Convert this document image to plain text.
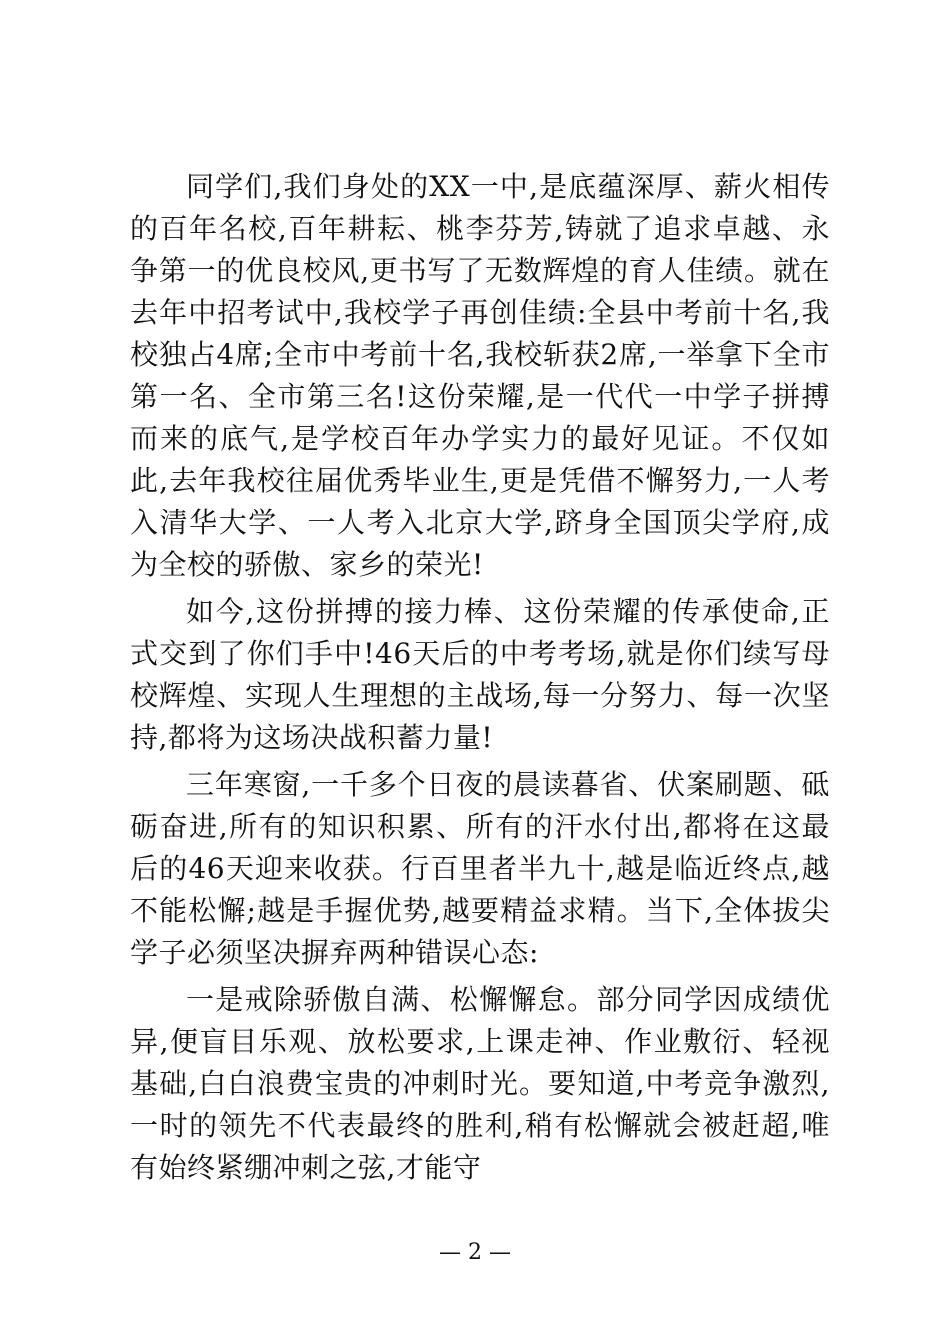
同学们,我们身处的XX一中,是底蕴深厚、薪火相传的百年名校,百年耕耘、桃李芬芳,铸就了追求卓越、永争第一的优良校风,更书写了无数辉煌的育人佳绩。就在去年中招考试中,我校学子再创佳绩:全县中考前十名,我校独占4席;全市中考前十名,我校斩获2席,一举拿下全市第一名、全市第三名!这份荣耀,是一代代一中学子拼搏而来的底气,是学校百年办学实力的最好见证。不仅如此,去年我校往届优秀毕业生,更是凭借不懈努力,一人考入清华大学、一人考入北京大学,跻身全国顶尖学府,成为全校的骄傲、家乡的荣光!

如今,这份拼搏的接力棒、这份荣耀的传承使命,正式交到了你们手中!46天后的中考考场,就是你们续写母校辉煌、实现人生理想的主战场,每一分努力、每一次坚持,都将为这场决战积蓄力量!

三年寒窗,一千多个日夜的晨读暮省、伏案刷题、砥砺奋进,所有的知识积累、所有的汗水付出,都将在这最后的46天迎来收获。行百里者半九十,越是临近终点,越不能松懈;越是手握优势,越要精益求精。当下,全体拔尖学子必须坚决摒弃两种错误心态:

一是戒除骄傲自满、松懈懈怠。部分同学因成绩优异,便盲目乐观、放松要求,上课走神、作业敷衍、轻视基础,白白浪费宝贵的冲刺时光。要知道,中考竞争激烈,一时的领先不代表最终的胜利,稍有松懈就会被赶超,唯有始终紧绷冲刺之弦,才能守

— 2 —
